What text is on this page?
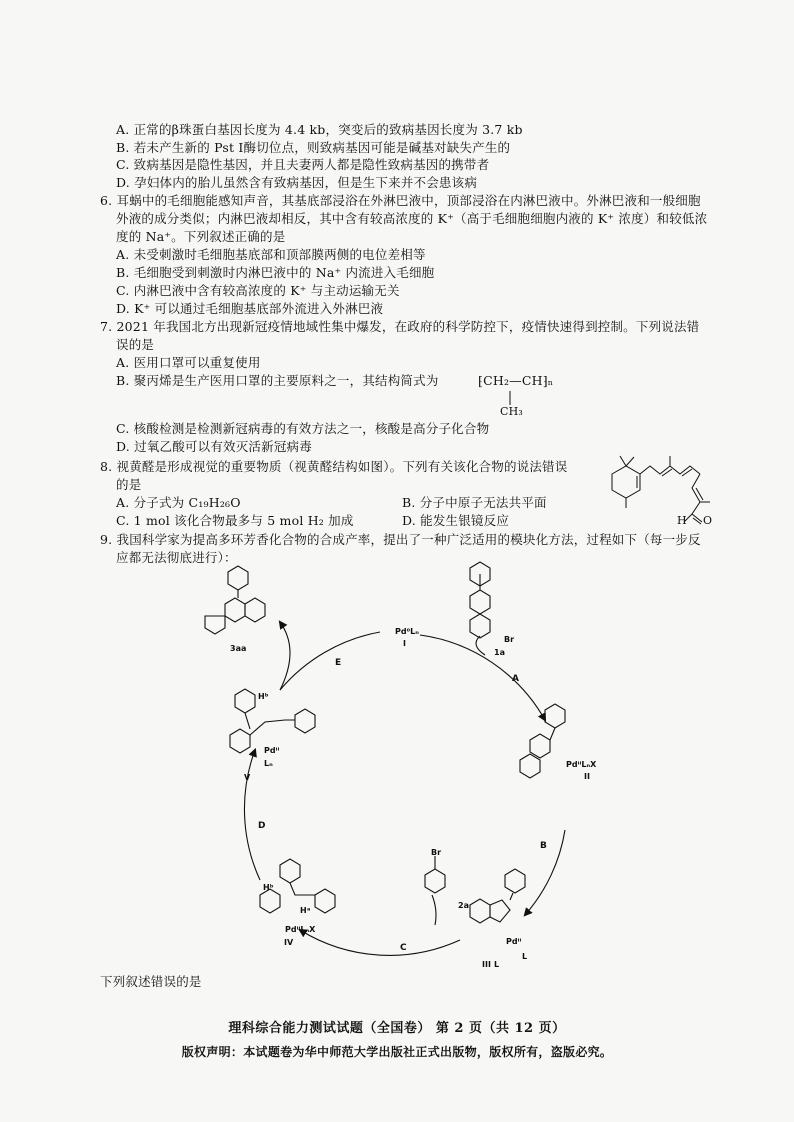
A. 正常的β珠蛋白基因长度为 4.4 kb，突变后的致病基因长度为 3.7 kb
B. 若未产生新的 Pst Ⅰ酶切位点，则致病基因可能是碱基对缺失产生的
C. 致病基因是隐性基因，并且夫妻两人都是隐性致病基因的携带者
D. 孕妇体内的胎儿虽然含有致病基因，但是生下来并不会患该病
6. 耳蜗中的毛细胞能感知声音，其基底部浸浴在外淋巴液中，顶部浸浴在内淋巴液中。外淋巴液和一般细胞
外液的成分类似；内淋巴液却相反，其中含有较高浓度的 K⁺（高于毛细胞细胞内液的 K⁺ 浓度）和较低浓
度的 Na⁺。下列叙述正确的是
A. 未受刺激时毛细胞基底部和顶部膜两侧的电位差相等
B. 毛细胞受到刺激时内淋巴液中的 Na⁺ 内流进入毛细胞
C. 内淋巴液中含有较高浓度的 K⁺ 与主动运输无关
D. K⁺ 可以通过毛细胞基底部外流进入外淋巴液
7. 2021 年我国北方出现新冠疫情地域性集中爆发，在政府的科学防控下，疫情快速得到控制。下列说法错
误的是
A. 医用口罩可以重复使用
B. 聚丙烯是生产医用口罩的主要原料之一，其结构简式为	⁅CH₂—CH⁆ₙ
CH₃
C. 核酸检测是检测新冠病毒的有效方法之一，核酸是高分子化合物
D. 过氧乙酸可以有效灭活新冠病毒
8. 视黄醛是形成视觉的重要物质（视黄醛结构如图）。下列有关该化合物的说法错误
的是
A. 分子式为 C₁₉H₂₆O	B. 分子中原子无法共平面
C. 1 mol 该化合物最多与 5 mol H₂ 加成	D. 能发生银镜反应	H O
9. 我国科学家为提高多环芳香化合物的合成产率，提出了一种广泛适用的模块化方法，过程如下（每一步反
应都无法彻底进行）：
3aa
Pd⁰Lₙ
I
1a
Br
PdᴵᴵLₙX
II
Pdᴵᴵ
L
L
III
2a
Br
PdᴵᴵLₙX
IV
Hᵇ
Hᵃ
Pdᴵᴵ
Lₙ
V
Hᵇ
A
B
C
D
E
下列叙述错误的是
理科综合能力测试试题（全国卷） 第 2 页（共 12 页）
版权声明：本试题卷为华中师范大学出版社正式出版物，版权所有，盗版必究。
